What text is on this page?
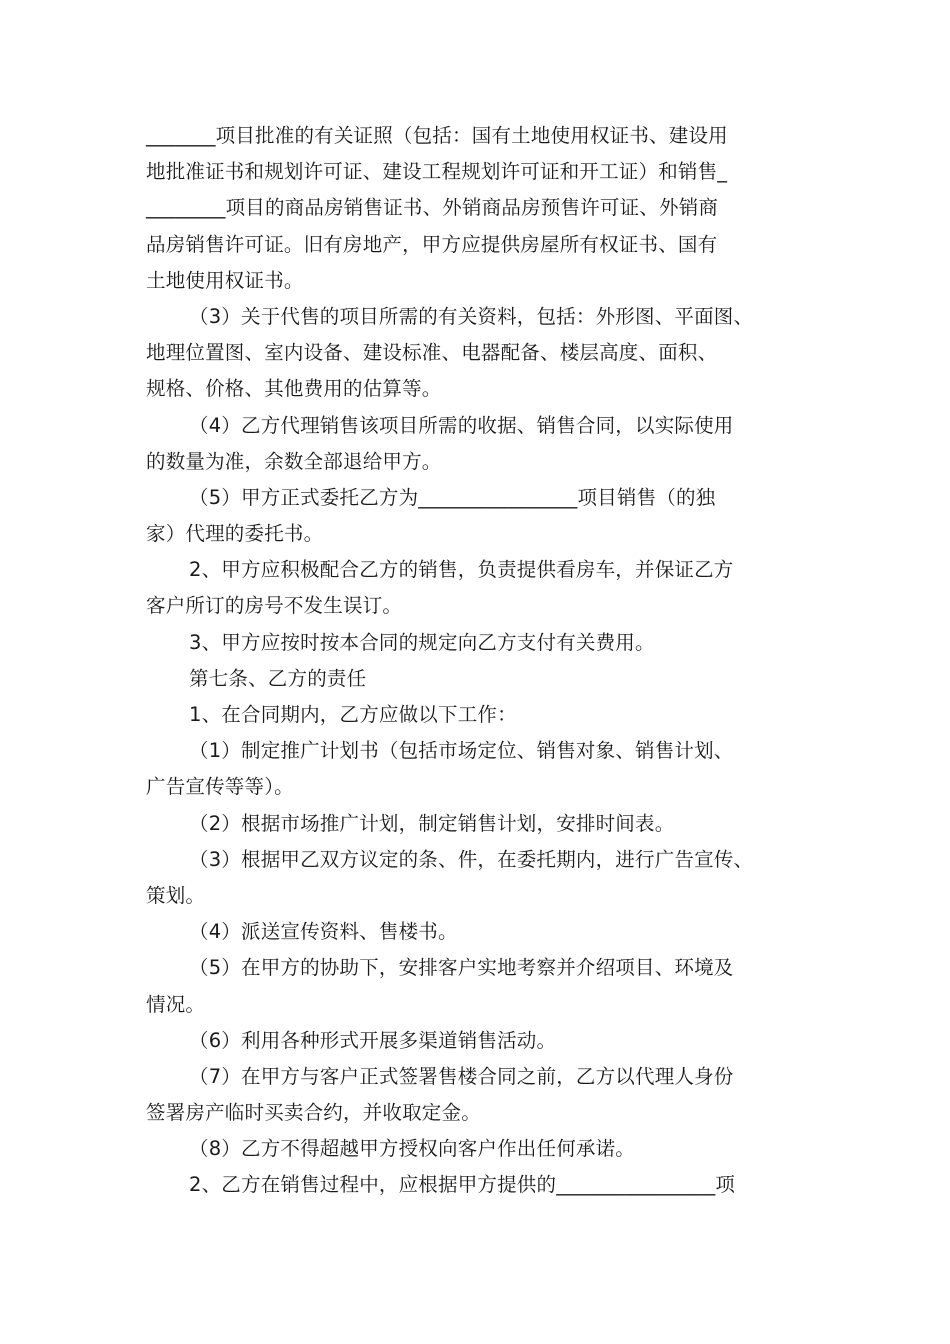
_______项目批准的有关证照（包括：国有土地使用权证书、建设用
地批准证书和规划许可证、建设工程规划许可证和开工证）和销售_
________项目的商品房销售证书、外销商品房预售许可证、外销商
品房销售许可证。旧有房地产，甲方应提供房屋所有权证书、国有
土地使用权证书。
（3）关于代售的项目所需的有关资料，包括：外形图、平面图、
地理位置图、室内设备、建设标准、电器配备、楼层高度、面积、
规格、价格、其他费用的估算等。
（4）乙方代理销售该项目所需的收据、销售合同，以实际使用
的数量为准，余数全部退给甲方。
（5）甲方正式委托乙方为________________项目销售（的独
家）代理的委托书。
2、甲方应积极配合乙方的销售，负责提供看房车，并保证乙方
客户所订的房号不发生误订。
3、甲方应按时按本合同的规定向乙方支付有关费用。
第七条、乙方的责任
1、在合同期内，乙方应做以下工作：
（1）制定推广计划书（包括市场定位、销售对象、销售计划、
广告宣传等等）。
（2）根据市场推广计划，制定销售计划，安排时间表。
（3）根据甲乙双方议定的条、件，在委托期内，进行广告宣传、
策划。
（4）派送宣传资料、售楼书。
（5）在甲方的协助下，安排客户实地考察并介绍项目、环境及
情况。
（6）利用各种形式开展多渠道销售活动。
（7）在甲方与客户正式签署售楼合同之前，乙方以代理人身份
签署房产临时买卖合约，并收取定金。
（8）乙方不得超越甲方授权向客户作出任何承诺。
2、乙方在销售过程中，应根据甲方提供的________________项
